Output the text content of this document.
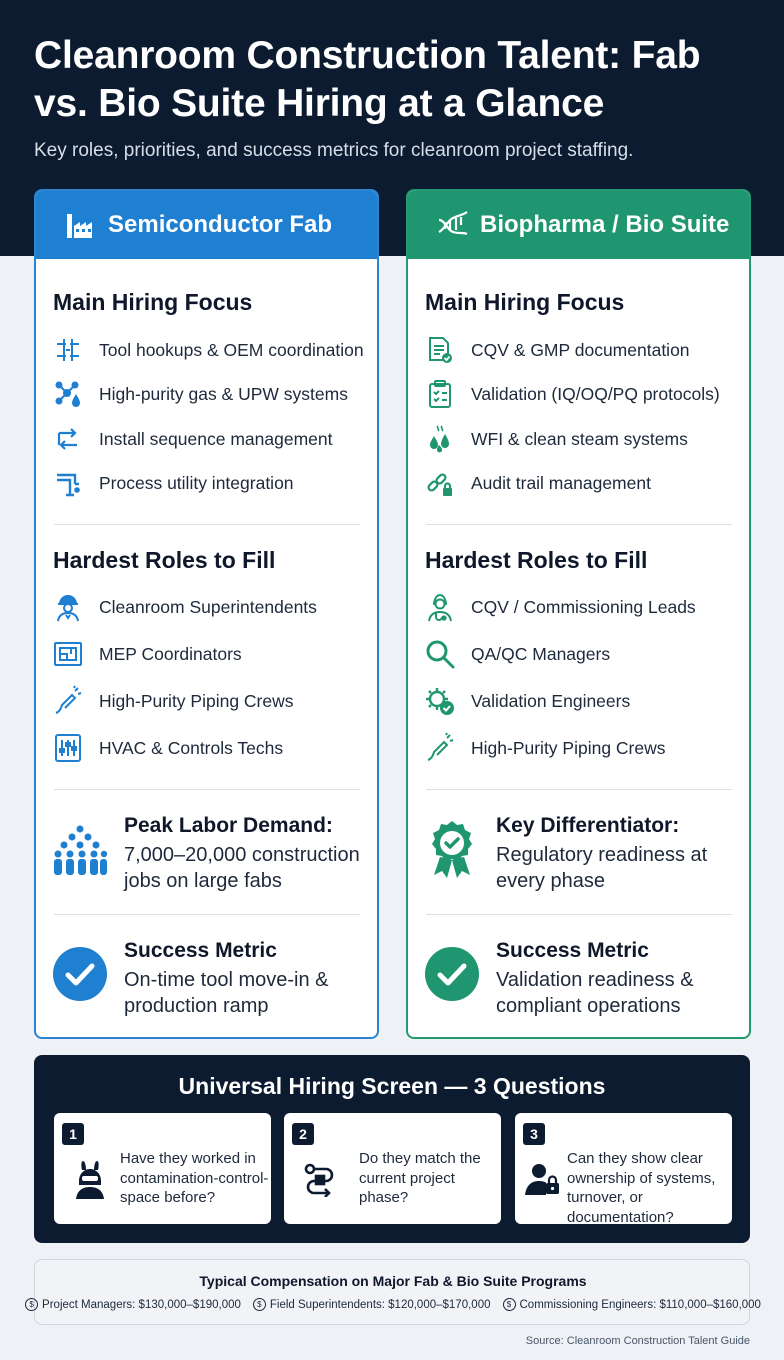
Cleanroom Construction Talent: Fab vs. Bio Suite Hiring at a Glance
Key roles, priorities, and success metrics for cleanroom project staffing.
Semiconductor Fab
Main Hiring Focus
Tool hookups & OEM coordination
High-purity gas & UPW systems
Install sequence management
Process utility integration
Hardest Roles to Fill
Cleanroom Superintendents
MEP Coordinators
High-Purity Piping Crews
HVAC & Controls Techs
Peak Labor Demand:
7,000–20,000 construction jobs on large fabs
Success Metric
On-time tool move-in & production ramp
Biopharma / Bio Suite
Main Hiring Focus
CQV & GMP documentation
Validation (IQ/OQ/PQ protocols)
WFI & clean steam systems
Audit trail management
Hardest Roles to Fill
CQV / Commissioning Leads
QA/QC Managers
Validation Engineers
High-Purity Piping Crews
Key Differentiator:
Regulatory readiness at every phase
Success Metric
Validation readiness & compliant operations
Universal Hiring Screen — 3 Questions
1
Have they worked in contamination-control-space before?
2
Do they match the current project phase?
3
Can they show clear ownership of systems, turnover, or documentation?
Typical Compensation on Major Fab & Bio Suite Programs
$ Project Managers: $130,000–$190,000	$ Field Superintendents: $120,000–$170,000	$ Commissioning Engineers: $110,000–$160,000
Source: Cleanroom Construction Talent Guide
